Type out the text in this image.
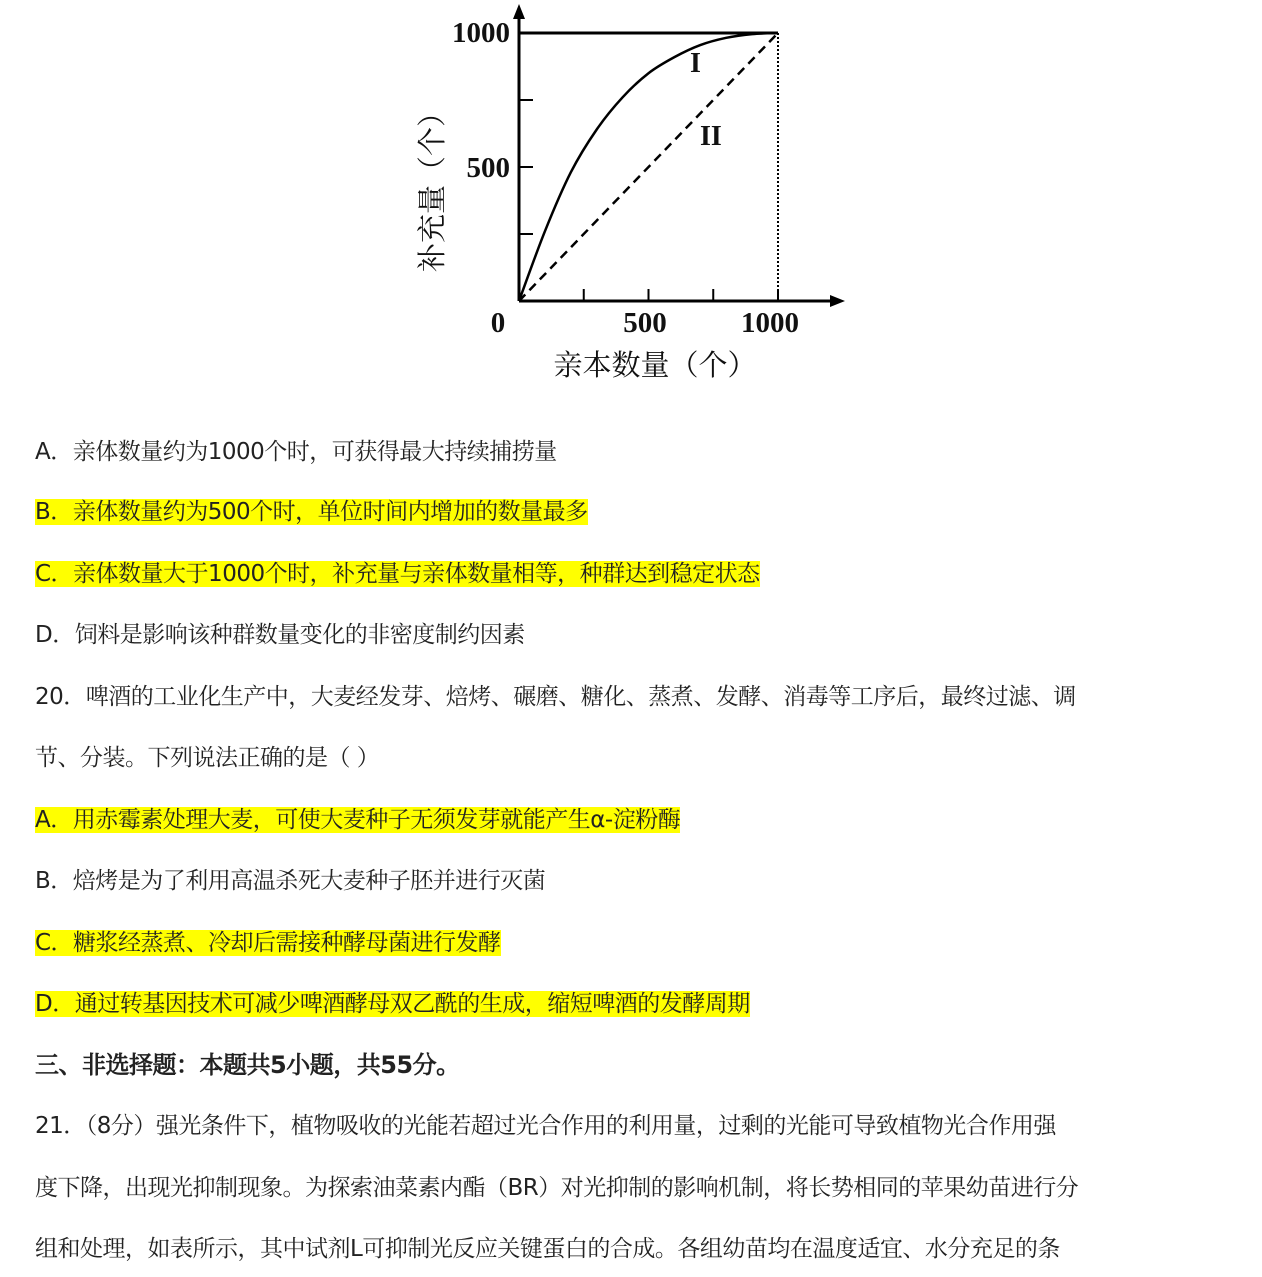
I
II
1000
500
0	500	1000
亲本数量（个）
补充量（个）
A．亲体数量约为1000个时，可获得最大持续捕捞量
B．亲体数量约为500个时，单位时间内增加的数量最多
C．亲体数量大于1000个时，补充量与亲体数量相等，种群达到稳定状态
D．饲料是影响该种群数量变化的非密度制约因素
20．啤酒的工业化生产中，大麦经发芽、焙烤、碾磨、糖化、蒸煮、发酵、消毒等工序后，最终过滤、调
节、分装。下列说法正确的是（ ）
A．用赤霉素处理大麦，可使大麦种子无须发芽就能产生α-淀粉酶
B．焙烤是为了利用高温杀死大麦种子胚并进行灭菌
C．糖浆经蒸煮、冷却后需接种酵母菌进行发酵
D．通过转基因技术可减少啤酒酵母双乙酰的生成，缩短啤酒的发酵周期
三、非选择题：本题共5小题，共55分。
21．（8分）强光条件下，植物吸收的光能若超过光合作用的利用量，过剩的光能可导致植物光合作用强
度下降，出现光抑制现象。为探索油菜素内酯（BR）对光抑制的影响机制，将长势相同的苹果幼苗进行分
组和处理，如表所示，其中试剂L可抑制光反应关键蛋白的合成。各组幼苗均在温度适宜、水分充足的条
